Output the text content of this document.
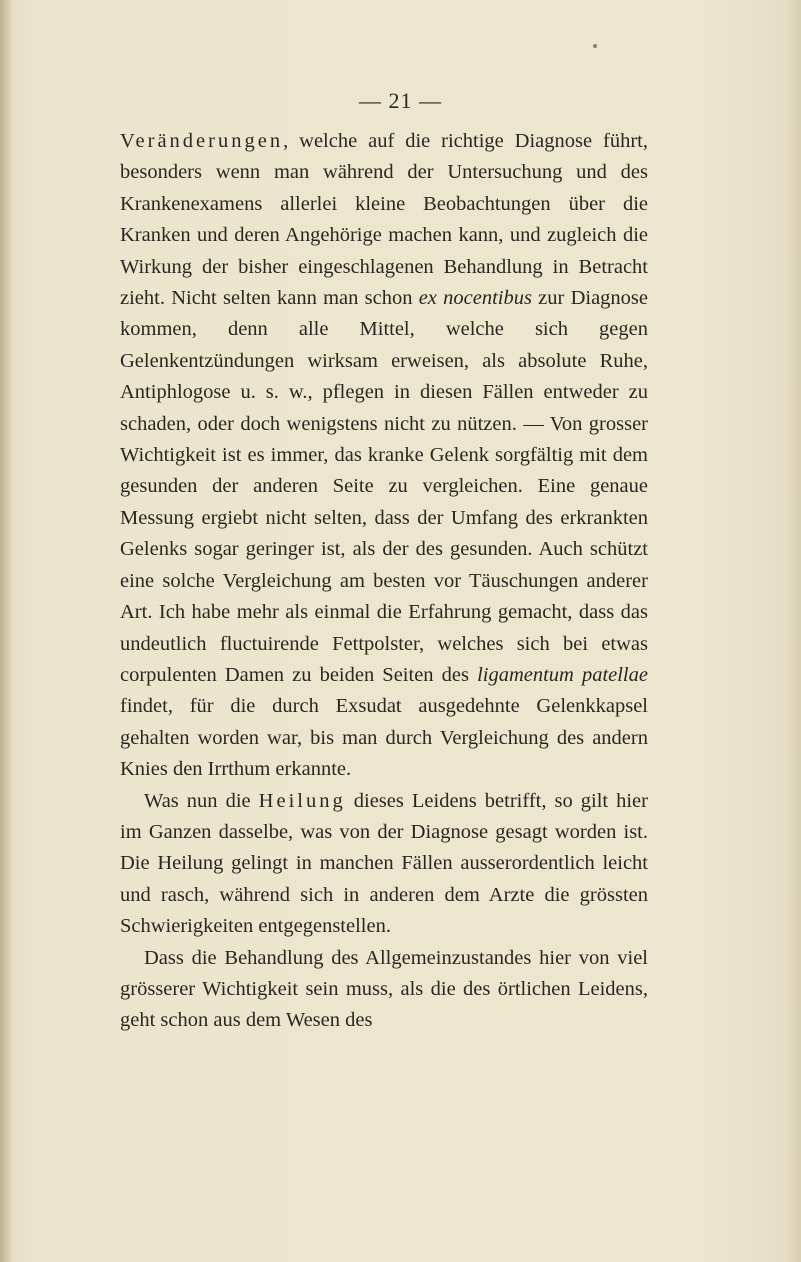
— 21 —

Veränderungen, welche auf die richtige Diagnose führt, besonders wenn man während der Untersuchung und des Krankenexamens allerlei kleine Beobachtungen über die Kranken und deren Angehörige machen kann, und zugleich die Wirkung der bisher eingeschlagenen Behandlung in Betracht zieht. Nicht selten kann man schon ex nocentibus zur Diagnose kommen, denn alle Mittel, welche sich gegen Gelenkentzündungen wirksam erweisen, als absolute Ruhe, Antiphlogose u. s. w., pflegen in diesen Fällen entweder zu schaden, oder doch wenigstens nicht zu nützen. — Von grosser Wichtigkeit ist es immer, das kranke Gelenk sorgfältig mit dem gesunden der anderen Seite zu vergleichen. Eine genaue Messung ergiebt nicht selten, dass der Umfang des erkrankten Gelenks sogar geringer ist, als der des gesunden. Auch schützt eine solche Vergleichung am besten vor Täuschungen anderer Art. Ich habe mehr als einmal die Erfahrung gemacht, dass das undeutlich fluctuirende Fettpolster, welches sich bei etwas corpulenten Damen zu beiden Seiten des ligamentum patellae findet, für die durch Exsudat ausgedehnte Gelenkkapsel gehalten worden war, bis man durch Vergleichung des andern Knies den Irrthum erkannte.

Was nun die Heilung dieses Leidens betrifft, so gilt hier im Ganzen dasselbe, was von der Diagnose gesagt worden ist. Die Heilung gelingt in manchen Fällen ausserordentlich leicht und rasch, während sich in anderen dem Arzte die grössten Schwierigkeiten entgegenstellen.

Dass die Behandlung des Allgemeinzustandes hier von viel grösserer Wichtigkeit sein muss, als die des örtlichen Leidens, geht schon aus dem Wesen des
